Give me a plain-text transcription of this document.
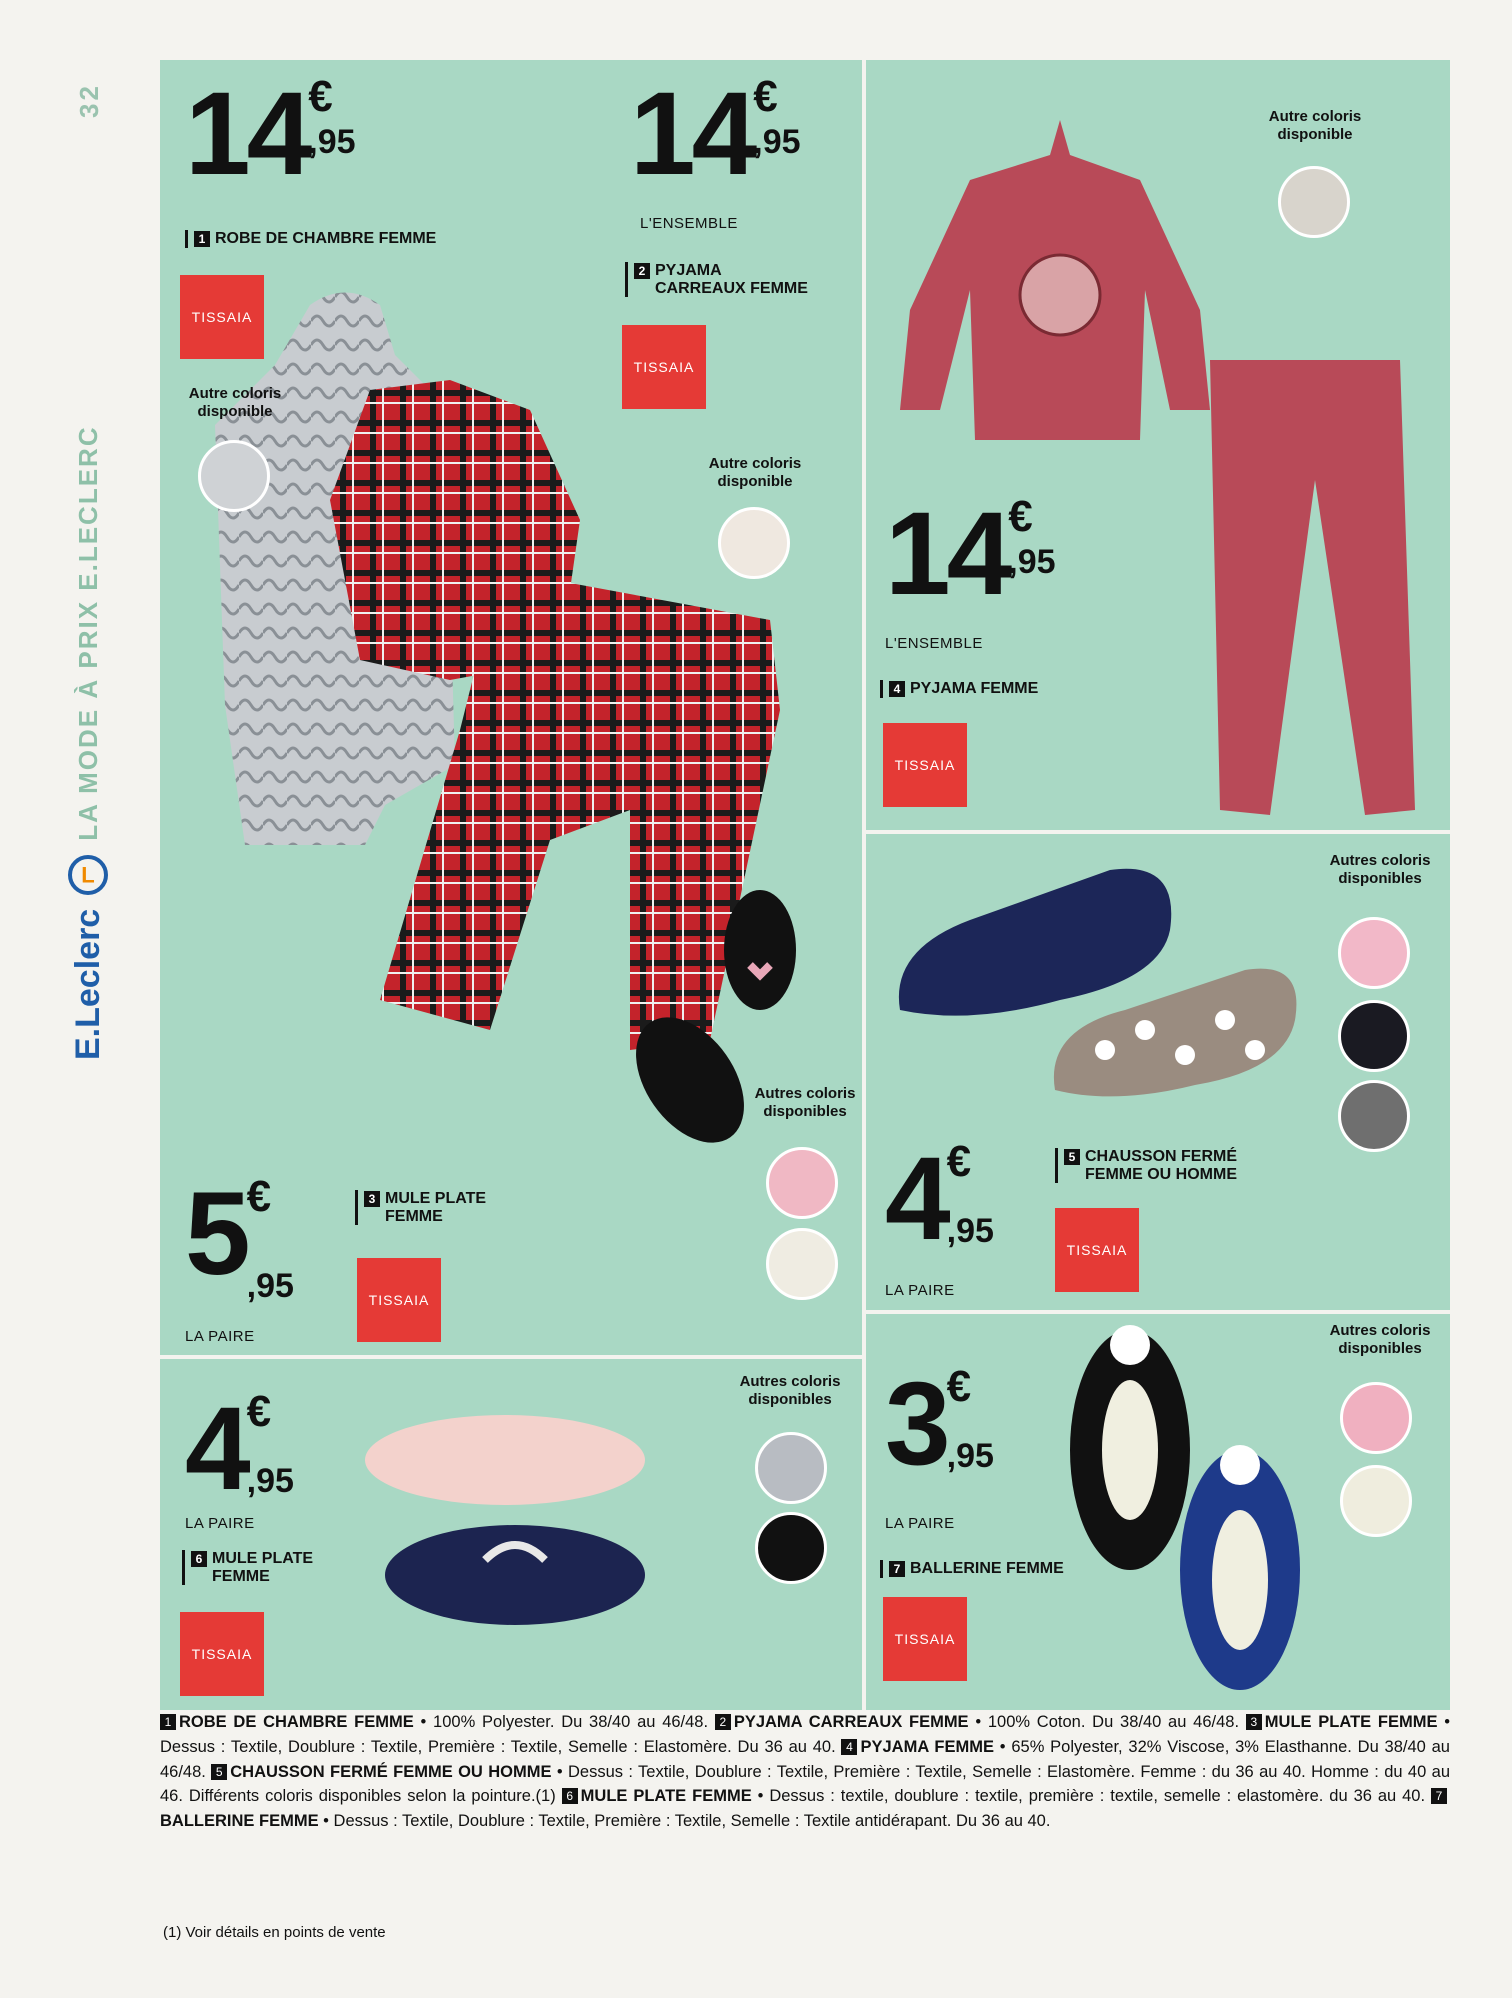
32
E.Leclerc
L
LA MODE À PRIX E.LECLERC
14 €
,95
1 ROBE DE CHAMBRE FEMME
TISSAIA
Autre coloris disponible
14 €
,95
L'ENSEMBLE
2 PYJAMA CARREAUX FEMME
TISSAIA
Autre coloris disponible
5 €
,95
LA PAIRE
3 MULE PLATE FEMME
TISSAIA
Autres coloris disponibles
14 €
,95
L'ENSEMBLE
4 PYJAMA FEMME
TISSAIA
Autre coloris disponible
4 €
,95
LA PAIRE
5 CHAUSSON FERMÉ FEMME OU HOMME
TISSAIA
Autres coloris disponibles
4 €
,95
LA PAIRE
6 MULE PLATE FEMME
TISSAIA
Autres coloris disponibles 3 €
,95
LA PAIRE
7 BALLERINE FEMME
TISSAIA
Autres coloris disponibles
1 ROBE DE CHAMBRE FEMME • 100% Polyester. Du 38/40 au 46/48. 2 PYJAMA CARREAUX FEMME • 100% Coton. Du 38/40 au 46/48. 3 MULE PLATE FEMME • Dessus : Textile, Doublure : Textile, Première : Textile, Semelle : Elastomère. Du 36 au 40. 4 PYJAMA FEMME • 65% Polyester, 32% Viscose, 3% Elasthanne. Du 38/40 au 46/48. 5 CHAUSSON FERMÉ FEMME OU HOMME • Dessus : Textile, Doublure : Textile, Première : Textile, Semelle : Elastomère. Femme : du 36 au 40. Homme : du 40 au 46. Différents coloris disponibles selon la pointure.(1) 6 MULE PLATE FEMME • Dessus : textile, doublure : textile, première : textile, semelle : elastomère. du 36 au 40. 7BALLERINE FEMME • Dessus : Textile, Doublure : Textile, Première : Textile, Semelle : Textile antidérapant. Du 36 au 40.
(1) Voir détails en points de vente
